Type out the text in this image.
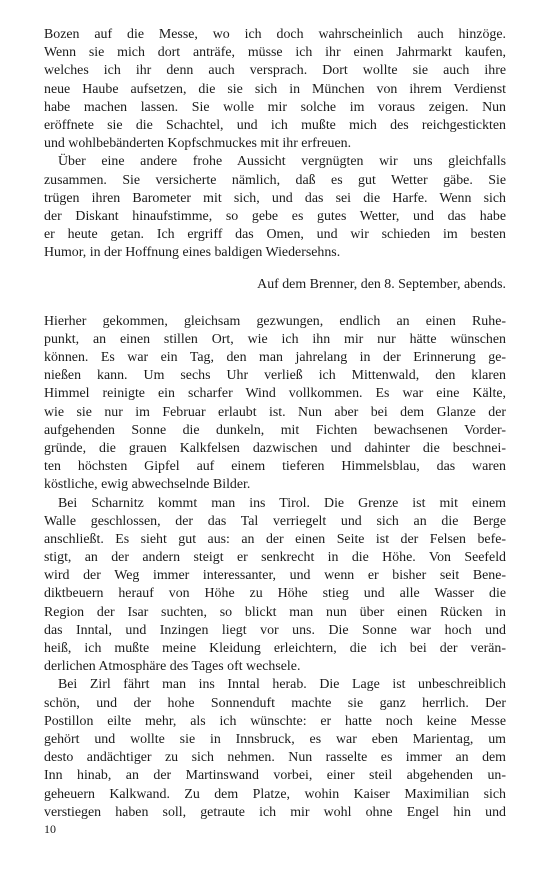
Bozen auf die Messe, wo ich doch wahrscheinlich auch hinzöge.
Wenn sie mich dort anträfe, müsse ich ihr einen Jahrmarkt kaufen,
welches ich ihr denn auch versprach. Dort wollte sie auch ihre
neue Haube aufsetzen, die sie sich in München von ihrem Verdienst
habe machen lassen. Sie wolle mir solche im voraus zeigen. Nun
eröffnete sie die Schachtel, und ich mußte mich des reichgestickten
und wohlbebänderten Kopfschmuckes mit ihr erfreuen.
Über eine andere frohe Aussicht vergnügten wir uns gleichfalls
zusammen. Sie versicherte nämlich, daß es gut Wetter gäbe. Sie
trügen ihren Barometer mit sich, und das sei die Harfe. Wenn sich
der Diskant hinaufstimme, so gebe es gutes Wetter, und das habe
er heute getan. Ich ergriff das Omen, und wir schieden im besten
Humor, in der Hoffnung eines baldigen Wiedersehns.
Auf dem Brenner, den 8. September, abends.
Hierher gekommen, gleichsam gezwungen, endlich an einen Ruhe-
punkt, an einen stillen Ort, wie ich ihn mir nur hätte wünschen
können. Es war ein Tag, den man jahrelang in der Erinnerung ge-
nießen kann. Um sechs Uhr verließ ich Mittenwald, den klaren
Himmel reinigte ein scharfer Wind vollkommen. Es war eine Kälte,
wie sie nur im Februar erlaubt ist. Nun aber bei dem Glanze der
aufgehenden Sonne die dunkeln, mit Fichten bewachsenen Vorder-
gründe, die grauen Kalkfelsen dazwischen und dahinter die beschnei-
ten höchsten Gipfel auf einem tieferen Himmelsblau, das waren
köstliche, ewig abwechselnde Bilder.
Bei Scharnitz kommt man ins Tirol. Die Grenze ist mit einem
Walle geschlossen, der das Tal verriegelt und sich an die Berge
anschließt. Es sieht gut aus: an der einen Seite ist der Felsen befe-
stigt, an der andern steigt er senkrecht in die Höhe. Von Seefeld
wird der Weg immer interessanter, und wenn er bisher seit Bene-
diktbeuern herauf von Höhe zu Höhe stieg und alle Wasser die
Region der Isar suchten, so blickt man nun über einen Rücken in
das Inntal, und Inzingen liegt vor uns. Die Sonne war hoch und
heiß, ich mußte meine Kleidung erleichtern, die ich bei der verän-
derlichen Atmosphäre des Tages oft wechsele.
Bei Zirl fährt man ins Inntal herab. Die Lage ist unbeschreiblich
schön, und der hohe Sonnenduft machte sie ganz herrlich. Der
Postillon eilte mehr, als ich wünschte: er hatte noch keine Messe
gehört und wollte sie in Innsbruck, es war eben Marientag, um
desto andächtiger zu sich nehmen. Nun rasselte es immer an dem
Inn hinab, an der Martinswand vorbei, einer steil abgehenden un-
geheuern Kalkwand. Zu dem Platze, wohin Kaiser Maximilian sich
verstiegen haben soll, getraute ich mir wohl ohne Engel hin und
10
